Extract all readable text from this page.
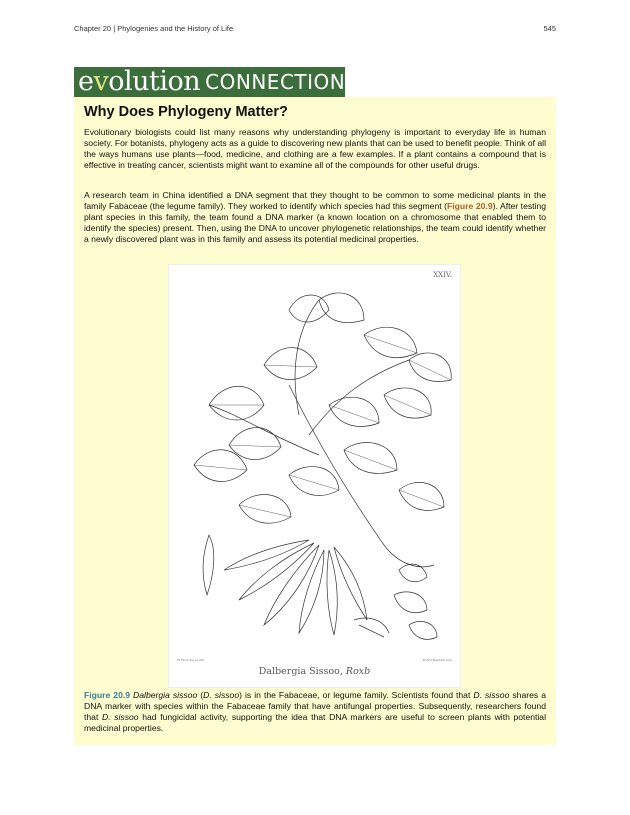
Chapter 20 | Phylogenies and the History of Life	545
evolution CONNECTION
Why Does Phylogeny Matter?

Evolutionary biologists could list many reasons why understanding phylogeny is important to everyday life in human society. For botanists, phylogeny acts as a guide to discovering new plants that can be used to benefit people. Think of all the ways humans use plants—food, medicine, and clothing are a few examples. If a plant contains a compound that is effective in treating cancer, scientists might want to examine all of the compounds for other useful drugs.

A research team in China identified a DNA segment that they thought to be common to some medicinal plants in the family Fabaceae (the legume family). They worked to identify which species had this segment (Figure 20.9). After testing plant species in this family, the team found a DNA marker (a known location on a chromosome that enabled them to identify the species) present. Then, using the DNA to uncover phylogenetic relationships, the team could identify whether a newly discovered plant was in this family and assess its potential medicinal properties.

XXIV.
W.Fitch del et lith.	M.&N.Hanhart imp
Dalbergia Sissoo, Roxb

Figure 20.9 Dalbergia sissoo (D. sissoo) is in the Fabaceae, or legume family. Scientists found that D. sissoo shares a DNA marker with species within the Fabaceae family that have antifungal properties. Subsequently, researchers found that D. sissoo had fungicidal activity, supporting the idea that DNA markers are useful to screen plants with potential medicinal properties.
